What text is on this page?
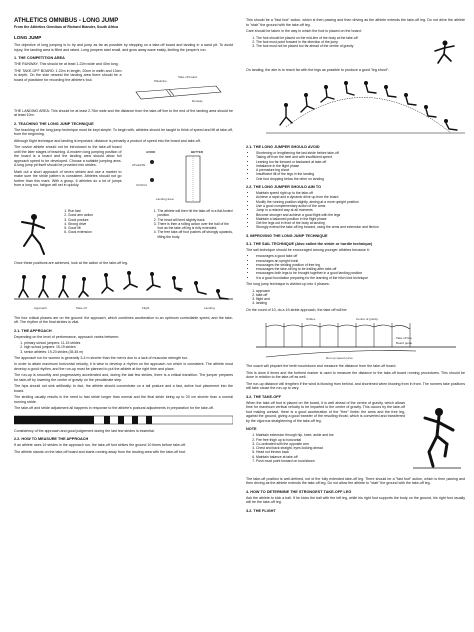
ATHLETICS OMNIBUS - LONG JUMP
From the Athletics Omnibus of Richard Blander, South Africa
LONG JUMP

The objective of long jumping is to try and jump as far as possible by stepping on a take-off board and landing in a sand pit. To avoid injury, the landing area is filled and raked. Long jumpers start small, and grow away wave easily, limiting the jumper's run.

1. THE COMPETITION AREA

THE RUNWAY: This should be at least 1.22m wide and 40m long.

THE TAKE-OFF BOARD: 1.22m in length, 20cm in width and 10cm in depth. On the side nearest the landing area there should be a board of plasticine for recording the athlete's foul.

Take off board
Plasticine
Runway

THE LANDING AREA: This should be at least 2.75m wide and the distance from the take-off line to the end of the landing area should be at least 10m.

2. TEACHING THE LONG JUMP TECHNIQUE

The teaching of the long jump technique must be kept simple. To begin with, athletes should be taught to think of speed and lift at take-off, from the beginning.

Although flight technique and landing is important, distance is primarily a product of speed into the board and take-off.

The novice athlete should not be introduced to the take-off board until the later stages of teaching. A modern long jumping position of the board is a board and the landing area should allow full approach speed to be developed. Choose a suitable jumping area. A long jump pit itself should be provided into strides.

Mark out a short approach of seven strides and use a marker to make sure the stride pattern is consistent. Athletes should not go further than this mark. With a group, 6 athletes do a lot of jumps from a long run, fatigue will set in quickly.

AVOID	BETTER
ATHLETE
COACH
Landing area
1. Run fast
2. Good arm action
3. Good posture
4. Strong drive
5. Good lift
6. Good extension
1. The athlete will then hit the take-off in a flat-footed position.
2. The head will tend slightly back.
3. There is then a rolling action over the ball of the foot as the take-off leg is fully extended.
4. The free take-off foot pushes off strongly upwards, lifting the body.

Once these positions are achieved, look at the action of the take-off leg.

Approach	Take-off	Flight	Landing

The four critical phases are on the ground: the approach, which combines acceleration to an optimum controllable speed, and the take-off. The rhythm of the final strides is vital.

2.1. THE APPROACH

Depending on the level of performance, approach varies between:

1. primary school jumpers: 11-15 strides
2. high school jumpers: 15-19 strides
3. senior athletes: 19-23 strides (35-45 m)

The approach run for women is generally 3-4 m shorter than the men's due to a lack of muscular strength too.

In order to attain maximum horizontal velocity, it is wise to develop a rhythm on the approach run which is consistent. The athlete must develop a good rhythm, and the run-up must be planned to put the athlete at the right time and place.

The run-up is smoothly and progressively accelerated and, during the last few strides, there is a critical transition. The jumper prepares for take-off by lowering the centre of gravity on the penultimate step.

The hips should not sink artificially. In fact, the athlete should concentrate on a tall posture and a fast, active foot placement into the board.

The striding usually results in the need to fast stride longer than normal and the final stride being up to 20 cm shorter than a normal running stride.

The take-off and stride adjustment all happens in response to the athlete's postural adjustments in preparation for the take-off.

Consistency of the approach and good judgement during the last few strides is essential.

2.2. HOW TO MEASURE THE APPROACH

If an athlete uses 19 strides in the approach run, the take-off foot strikes the ground 10 times before take-off.

The athlete stands on the take-off board and starts running away from the landing area with the take-off foot.

This should be a "fast foot" action, which is then pawing and then driving as the athlete extends the take-off leg. Do not drive the athlete to "stab" the ground with the take-off leg.

Care should be taken in the way in which the foot is placed on the board:

1. The foot should be placed on the mid-line of the body at the take-off
2. The foot must point forward in the direction of the jump
3. The foot must not be placed too far ahead of the centre of gravity

On landing, the aim is to reach far with the legs as possible to produce a good "leg shoot".

2.1. THE LONG JUMPER SHOULD AVOID
• Shortening or lengthening the last stride before take-off
• Taking off from the heel and with insufficient speed
• Leaning too far forward or backward at take-off
• Imbalance in the flight phase
• A premature leg shoot
• Insufficient lift of the legs in the landing
• One foot dropping below the other on landing
2.2. THE LONG JUMPER SHOULD AIM TO
• Maintain speed right up to the take-off
• Achieve a rapid and a dynamic drive up from the board
• Modify the running position slightly, aiming at a more upright position
• Use a good complementary action of the arms
• Jump in a relaxed way at all moments
• Become stronger and achieve a good flight with the legs
• Maintain a balanced position in the flight phase
• Get the legs out in front of the body at landing
• Strongly extend the take-off leg forward, using the arms and extension and flexion
3. IMPROVING THE LONG JUMP TECHNIQUE
3.1. THE SAIL TECHNIQUE (Also called the stride or hurdle technique)

The sail technique should be encouraged among younger athletes because it:

• encourages a good take-off
• encourages an upright trunk
• encourages the striding position of free leg
• encourages the take-off leg to be trailing after take-off
• encourages both legs to be brought together in a good landing position
• it is a good foundation preparing for the learning of the hitch kick technique

The long jump technique is divided up into 4 phases:

1. approach
2. take-off
3. flight and
4. landing

On the count of 10, do a 19-stride approach, the take-off will be:

Strides	Centre of gravity
Take off line
Board guide
Run up speed curve

The coach will pinpoint the tenth touchdown and measure the distance from the take-off board.

This is done 6 times and the furthest marker is used to measure the distance to the take-off board running procedures. This should be done in relation to the take-off as well.

The run-up distance will lengthen if the wind is blowing from behind, and shortened when blowing from in front. The runners take positions will take cause the run-up to vary.

3.2. THE TAKE-OFF

When the take-off foot is placed on the board, it is well ahead of the centre of gravity, which allows time for maximum vertical velocity to be imparted to the centre of gravity. This occurs by the take-off foot making contact, there is a good acceleration of the "free" limbs: the arms and the free leg, against the ground, giving a good transfer of the resulting thrust, which is converted and transferred by the vigorous straightening of the take-off leg.

NOTE
1. Maintain extension through hip, knee, ankle and toe
2. Fire free thigh up to horizontal
3. Co-ordinated with the opposite arm
4. Chest and back straight, eyes looking ahead
5. Head not thrown back
6. Maintain balance at take-off
7. Push must point forward on touchdown

The take-off position is well-defined, not of the fully extended take-off leg. There should be a "fast foot" action, which is then pawing and then driving as the athlete extends the take-off leg. Do not allow the athlete to "stab" the ground with the take-off leg.

4. HOW TO DETERMINE THE STRONGEST TAKE-OFF LEG

Ask the athlete to kick a ball. If he kicks the ball with the left leg, while his right foot supports the body on the ground, his right foot usually will be the take-off leg.

3.2. THE FLIGHT
